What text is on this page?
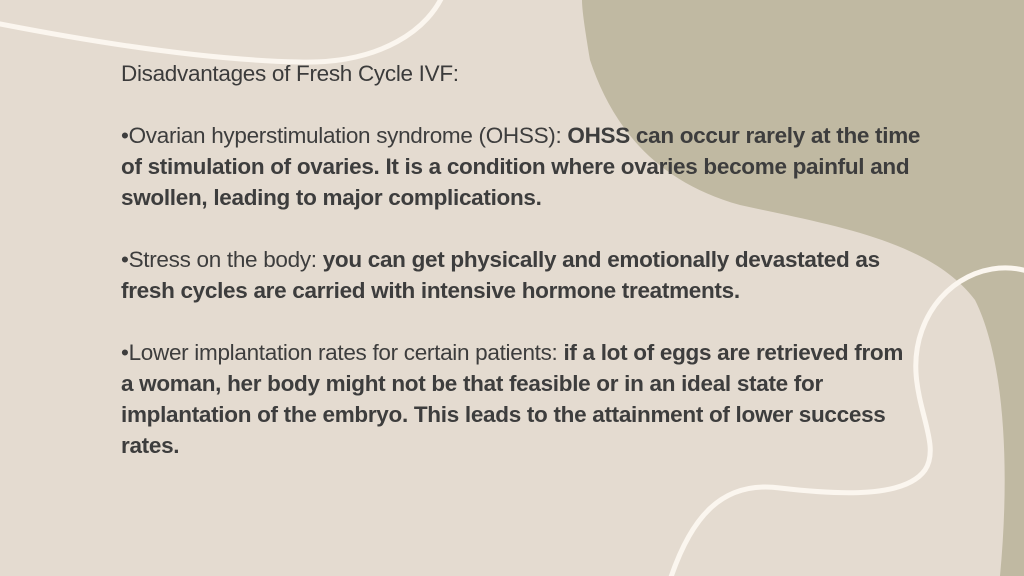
Disadvantages of Fresh Cycle IVF:
•Ovarian hyperstimulation syndrome (OHSS): OHSS can occur rarely at the time of stimulation of ovaries. It is a condition where ovaries become painful and swollen, leading to major complications.
•Stress on the body: you can get physically and emotionally devastated as fresh cycles are carried with intensive hormone treatments.
•Lower implantation rates for certain patients: if a lot of eggs are retrieved from a woman, her body might not be that feasible or in an ideal state for implantation of the embryo. This leads to the attainment of lower success rates.
